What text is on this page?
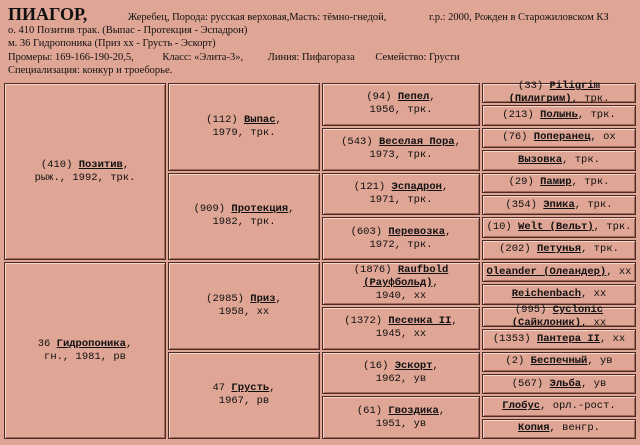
ПИАГОР,	Жеребец, Порода: русская верховая,Масть: тёмно-гнедой,	г.р.: 2000, Рожден в Старожиловском КЗ
о. 410 Позитив трак. (Выпас - Протекция - Эспадрон)
м. 36 Гидропоника (Приз хх - Грусть - Эскорт)
Промеры: 169-166-190-20,5,	Класс: «Элита-3», Линия: Пифагораза Семейство: Грусти
Специализация: конкур и троеборье.
(410) Позитив,
рыж., 1992, трк.
36 Гидропоника,
гн., 1981, рв
(112) Выпас,
1979, трк.
(909) Протекция,
1982, трк.
(2985) Приз,
1958, хх
47 Грусть,
1967, рв
(94) Пепел,
1956, трк.
(543) Веселая Пора,
1973, трк.
(121) Эспадрон,
1971, трк.
(603) Перевозка,
1972, трк.
(1876) Raufbold (Рауфбольд),
1940, хх
(1372) Песенка II,
1945, хх
(16) Эскорт,
1962, ув
(61) Гвоздика,
1951, ув
(33) Piligrim (Пилигрим), трк.
(213) Полынь, трк.
(76) Поперанец, ох
Вызовка, трк.
(29) Памир, трк.
(354) Эпика, трк.
(10) Welt (Вельт), трк.
(202) Петунья, трк.
Oleander (Олеандер), хх
Reichenbach, хх
(995) Cyclonic (Сайклоник), хх
(1353) Пантера II, хх
(2) Беспечный, ув
(567) Эльба, ув
Глобус, орл.-рост.
Копия, венгр.
